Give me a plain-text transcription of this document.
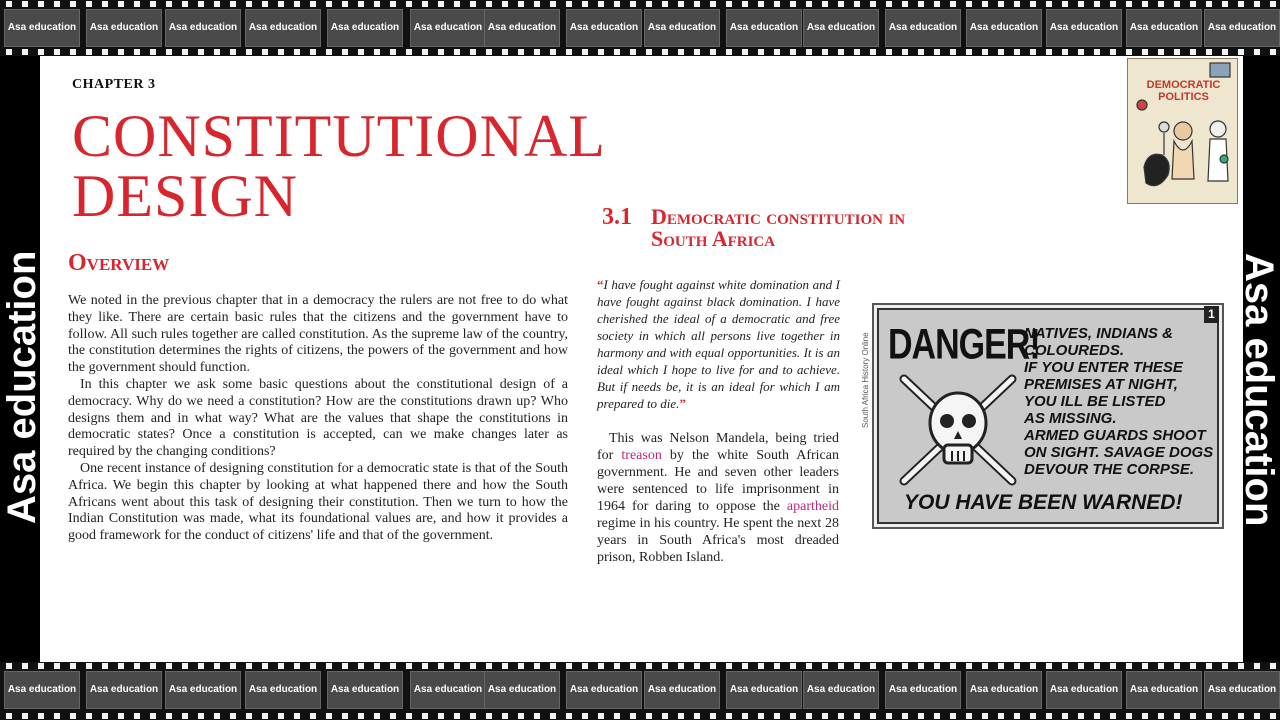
Asa education	Asa education	Asa education	Asa education	Asa education	Asa education Asa education	Asa education Asa education	Asa education Asa education	Asa education	Asa education	Asa education	Asa education Asa education
Asa education	Asa education	Asa education	Asa education	Asa education	Asa education Asa education	Asa education Asa education	Asa education Asa education	Asa education	Asa education	Asa education	Asa education Asa education
Asa education	Asa education
CHAPTER 3
CONSTITUTIONAL
DESIGN
Overview

We noted in the previous chapter that in a democracy the rulers are not free to do what they like. There are certain basic rules that the citizens and the government have to follow. All such rules together are called constitution. As the supreme law of the country, the constitution determines the rights of citizens, the powers of the government and how the government should function.

In this chapter we ask some basic questions about the constitutional design of a democracy. Why do we need a constitution? How are the constitutions drawn up? Who designs them and in what way? What are the values that shape the constitutions in democratic states? Once a constitution is accepted, can we make changes later as required by the changing conditions?

One recent instance of designing constitution for a democratic state is that of the South Africa. We begin this chapter by looking at what happened there and how the South Africans went about this task of designing their constitution. Then we turn to how the Indian Constitution was made, what its foundational values are, and how it provides a good framework for the conduct of citizens' life and that of the government.

3.1 Democratic constitution in
South Africa
“I have fought against white domination and I have fought against black domination. I have cherished the ideal of a democratic and free society in which all persons live together in harmony and with equal opportunities. It is an ideal which I hope to live for and to achieve. But if needs be, it is an ideal for which I am prepared to die.”
This was Nelson Mandela, being tried for treason by the white South African government. He and seven other leaders were sentenced to life imprisonment in 1964 for daring to oppose the apartheid regime in his country. He spent the next 28 years in South Africa's most dreaded prison, Robben Island.
South Africa History Online DANGER!
NATIVES, INDIANS &
COLOUREDS.
IF YOU ENTER THESE
PREMISES AT NIGHT,
YOU ILL BE LISTED
AS MISSING.
ARMED GUARDS SHOOT
ON SIGHT. SAVAGE DOGS
DEVOUR THE CORPSE.
YOU HAVE BEEN WARNED!
1
DEMOCRATIC
POLITICS
